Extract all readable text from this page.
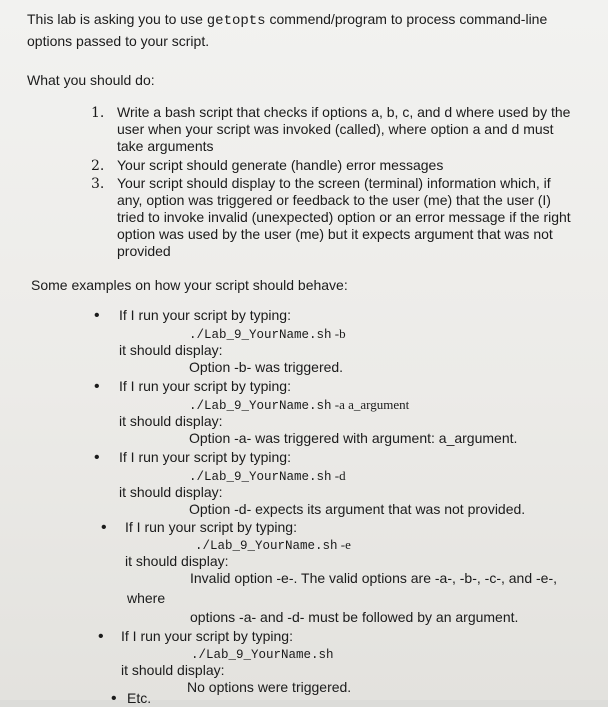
This lab is asking you to use getopts commend/program to process command-line
options passed to your script.
What you should do:
1. Write a bash script that checks if options a, b, c, and d where used by the
user when your script was invoked (called), where option a and d must
take arguments
2. Your script should generate (handle) error messages
3. Your script should display to the screen (terminal) information which, if
any, option was triggered or feedback to the user (me) that the user (I)
tried to invoke invalid (unexpected) option or an error message if the right
option was used by the user (me) but it expects argument that was not
provided
Some examples on how your script should behave:
• If I run your script by typing:
./Lab_9_YourName.sh -b
it should display:
Option -b- was triggered.
• If I run your script by typing:
./Lab_9_YourName.sh -a a_argument
it should display:
Option -a- was triggered with argument: a_argument.
• If I run your script by typing:
./Lab_9_YourName.sh -d
it should display:
Option -d- expects its argument that was not provided.
• If I run your script by typing:
./Lab_9_YourName.sh -e
it should display:
Invalid option -e-. The valid options are -a-, -b-, -c-, and -e-,
where
options -a- and -d- must be followed by an argument.
• If I run your script by typing:
./Lab_9_YourName.sh
it should display:
No options were triggered.
• Etc.
